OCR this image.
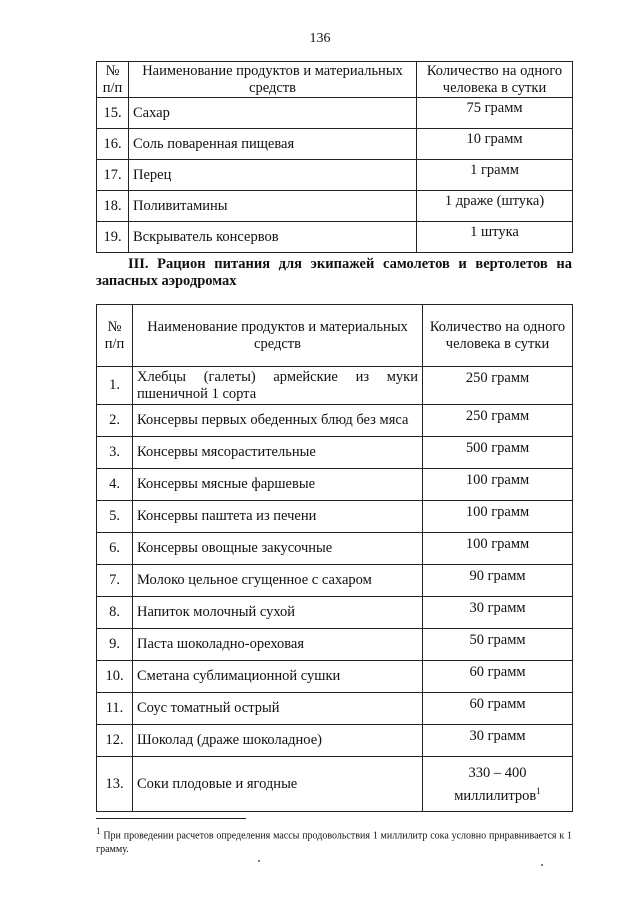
136
№ п/п	Наименование продуктов и материальных средств	Количество на одного человека в сутки
15.	Сахар	75 грамм
16.	Соль поваренная пищевая	10 грамм
17.	Перец	1 грамм
18.	Поливитамины	1 драже (штука)
19.	Вскрыватель консервов	1 штука
III. Рацион питания для экипажей самолетов и вертолетов на запасных аэродромах
№ п/п	Наименование продуктов и материальных средств	Количество на одного человека в сутки
1.	Хлебцы (галеты) армейские из муки пшеничной 1 сорта	250 грамм
2.	Консервы первых обеденных блюд без мяса	250 грамм
3.	Консервы мясорастительные	500 грамм
4.	Консервы мясные фаршевые	100 грамм
5.	Консервы паштета из печени	100 грамм
6.	Консервы овощные закусочные	100 грамм
7.	Молоко цельное сгущенное с сахаром	90 грамм
8.	Напиток молочный сухой	30 грамм
9.	Паста шоколадно-ореховая	50 грамм
10.	Сметана сублимационной сушки	60 грамм
11.	Соус томатный острый	60 грамм
12.	Шоколад (драже шоколадное)	30 грамм
13.	Соки плодовые и ягодные	330 – 400
миллилитров$^1$
$^1$ При проведении расчетов определения массы продовольствия 1 миллилитр сока условно приравнивается к 1 грамму.
